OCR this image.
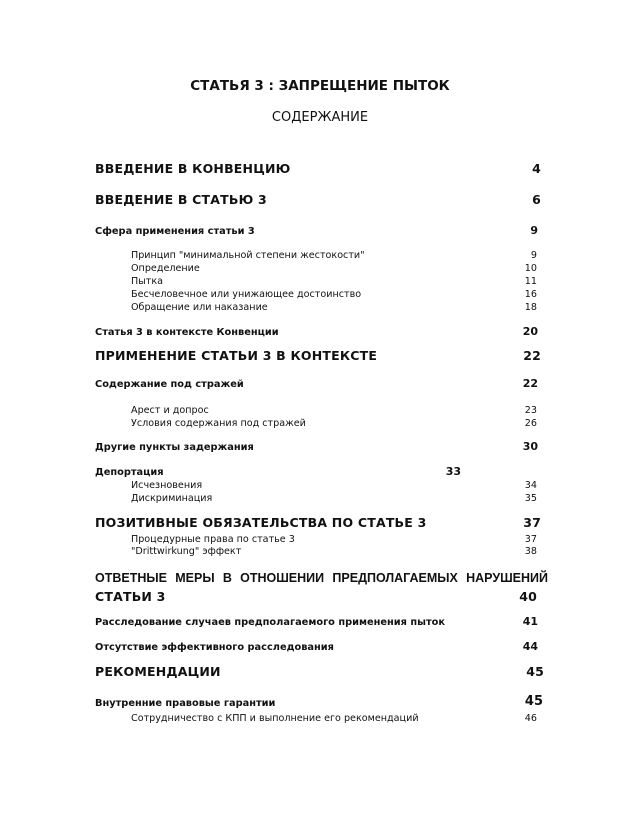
СТАТЬЯ 3 : ЗАПРЕЩЕНИЕ ПЫТОК
СОДЕРЖАНИЕ
ВВЕДЕНИЕ В КОНВЕНЦИЮ	4
ВВЕДЕНИЕ В СТАТЬЮ 3	6
Сфера применения статьи 3	9
Принцип "минимальной степени жестокости"	9
Определение	10
Пытка	11
Бесчеловечное или унижающее достоинство	16
Обращение или наказание	18
Статья 3 в контексте Конвенции	20
ПРИМЕНЕНИЕ СТАТЬИ 3 В КОНТЕКСТЕ	22
Содержание под стражей	22
Арест и допрос	23
Условия содержания под стражей	26
Другие пункты задержания	30
Депортация	33
Исчезновения	34
Дискриминация	35
ПОЗИТИВНЫЕ ОБЯЗАТЕЛЬСТВА ПО СТАТЬЕ 3	37
Процедурные права по статье 3	37
"Drittwirkung" эффект	38
ОТВЕТНЫЕ МЕРЫ В ОТНОШЕНИИ ПРЕДПОЛАГАЕМЫХ НАРУШЕНИЙ
СТАТЬИ 3	40
Расследование случаев предполагаемого применения пыток	41
Отсутствие эффективного расследования	44
РЕКОМЕНДАЦИИ	45
Внутренние правовые гарантии	45
Сотрудничество с КПП и выполнение его рекомендаций	46
